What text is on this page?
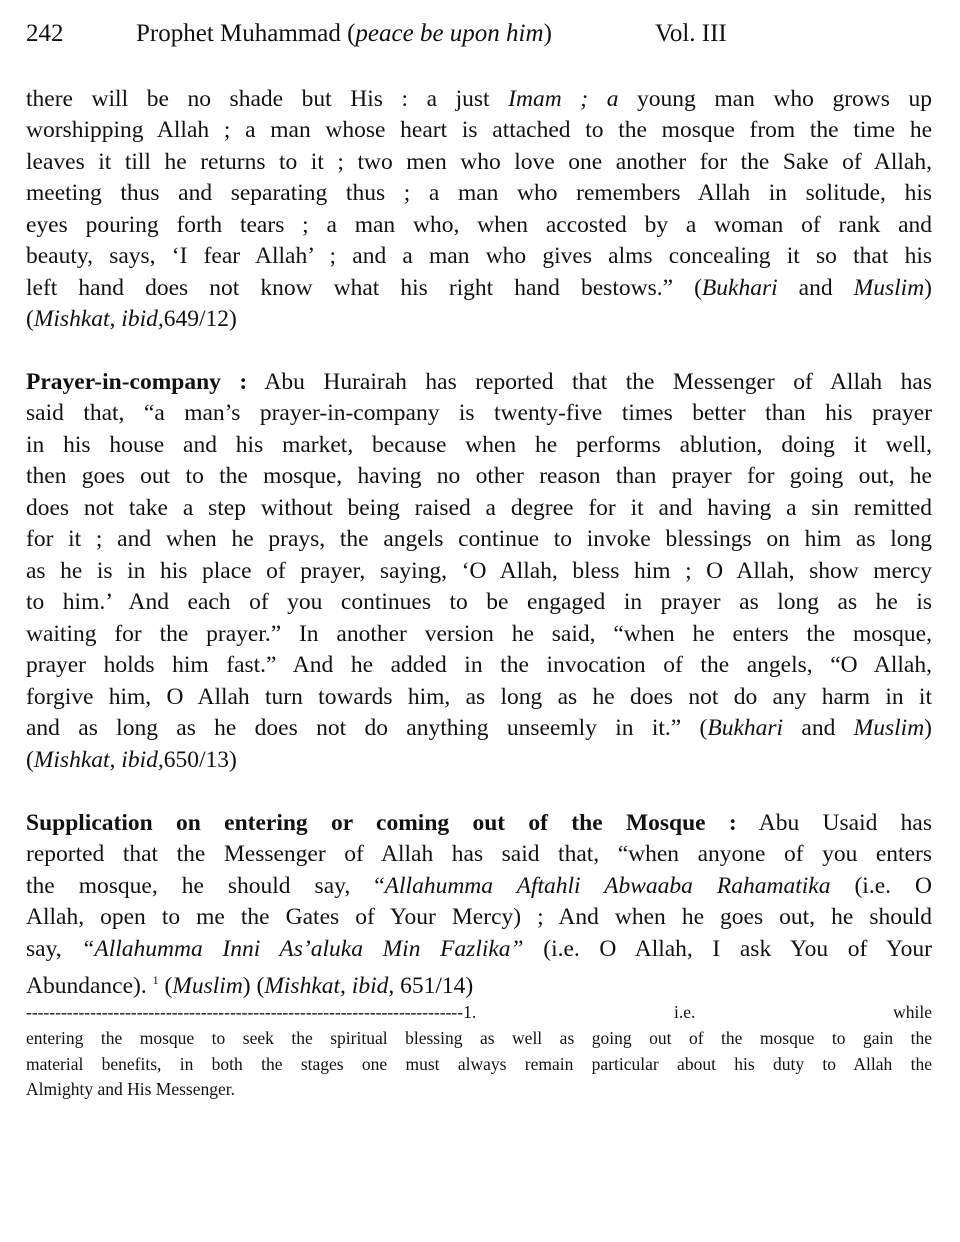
242	Prophet Muhammad (peace be upon him)	Vol. III
there will be no shade but His : a just Imam ; a young man who grows up
worshipping Allah ; a man whose heart is attached to the mosque from the time he
leaves it till he returns to it ; two men who love one another for the Sake of Allah,
meeting thus and separating thus ; a man who remembers Allah in solitude, his
eyes pouring forth tears ; a man who, when accosted by a woman of rank and
beauty, says, ‘I fear Allah’ ; and a man who gives alms concealing it so that his
left hand does not know what his right hand bestows.” (Bukhari and Muslim)
(Mishkat, ibid,649/12)
Prayer-in-company : Abu Hurairah has reported that the Messenger of Allah has
said that, “a man’s prayer-in-company is twenty-five times better than his prayer
in his house and his market, because when he performs ablution, doing it well,
then goes out to the mosque, having no other reason than prayer for going out, he
does not take a step without being raised a degree for it and having a sin remitted
for it ; and when he prays, the angels continue to invoke blessings on him as long
as he is in his place of prayer, saying, ‘O Allah, bless him ; O Allah, show mercy
to him.’ And each of you continues to be engaged in prayer as long as he is
waiting for the prayer.” In another version he said, “when he enters the mosque,
prayer holds him fast.” And he added in the invocation of the angels, “O Allah,
forgive him, O Allah turn towards him, as long as he does not do any harm in it
and as long as he does not do anything unseemly in it.” (Bukhari and Muslim)
(Mishkat, ibid,650/13)
Supplication on entering or coming out of the Mosque : Abu Usaid has
reported that the Messenger of Allah has said that, “when anyone of you enters
the mosque, he should say, “Allahumma Aftahli Abwaaba Rahamatika (i.e. O
Allah, open to me the Gates of Your Mercy) ; And when he goes out, he should
say, “Allahumma Inni As’aluka Min Fazlika” (i.e. O Allah, I ask You of Your
Abundance). $^1$ (Muslim) (Mishkat, ibid, 651/14)
---------------------------------------------------------------------------1. i.e. while
entering the mosque to seek the spiritual blessing as well as going out of the mosque to gain the
material benefits, in both the stages one must always remain particular about his duty to Allah the
Almighty and His Messenger.
